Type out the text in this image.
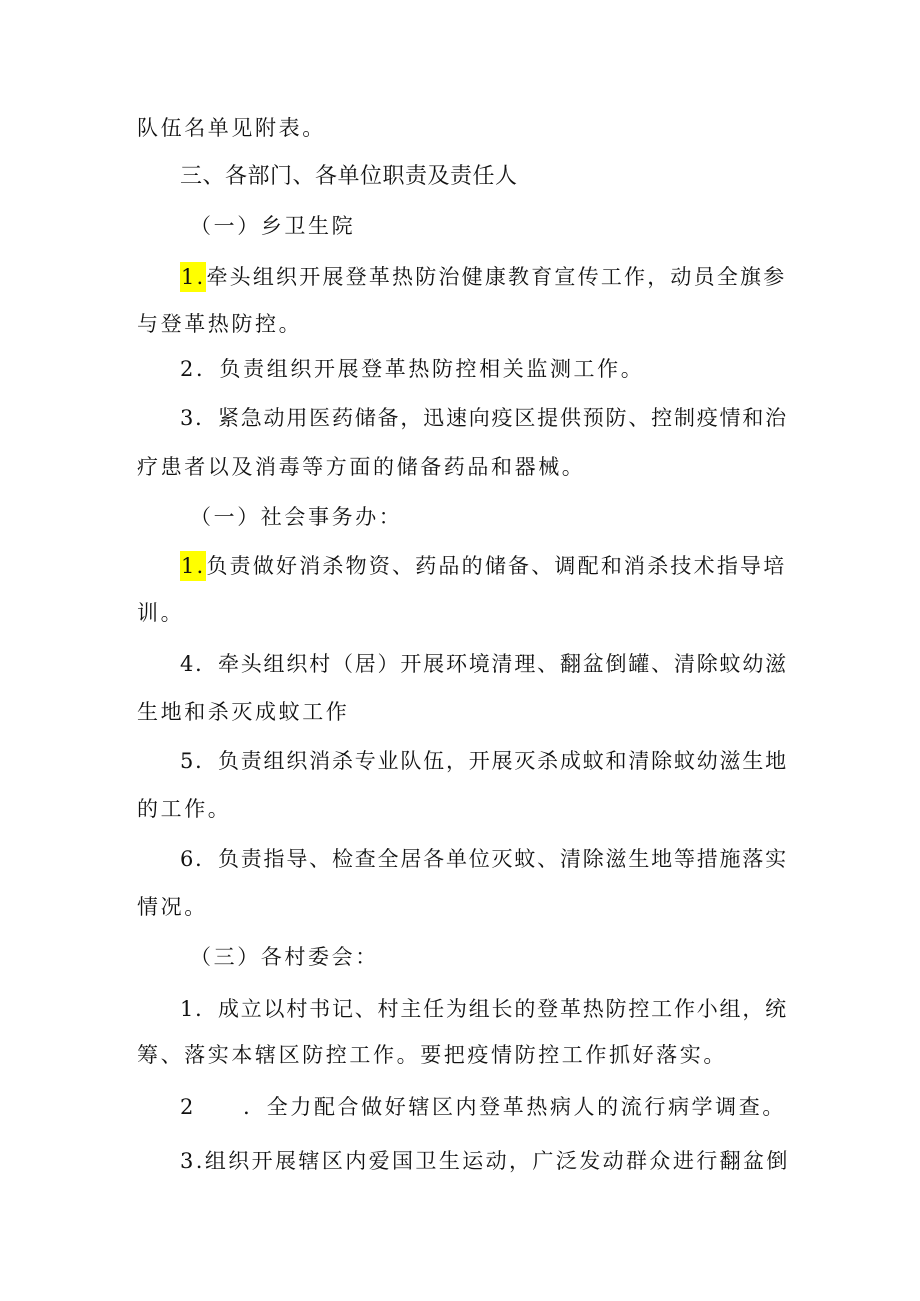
队伍名单见附表。
三、各部门、各单位职责及责任人
（一）乡卫生院
1.牵头组织开展登革热防治健康教育宣传工作，动员全旗参
与登革热防控。
2．负责组织开展登革热防控相关监测工作。
3．紧急动用医药储备，迅速向疫区提供预防、控制疫情和治
疗患者以及消毒等方面的储备药品和器械。
（一）社会事务办：
1.负责做好消杀物资、药品的储备、调配和消杀技术指导培
训。
4．牵头组织村（居）开展环境清理、翻盆倒罐、清除蚊幼滋
生地和杀灭成蚊工作
5．负责组织消杀专业队伍，开展灭杀成蚊和清除蚊幼滋生地
的工作。
6．负责指导、检查全居各单位灭蚊、清除滋生地等措施落实
情况。
（三）各村委会：
1．成立以村书记、村主任为组长的登革热防控工作小组，统
筹、落实本辖区防控工作。要把疫情防控工作抓好落实。
2　　．全力配合做好辖区内登革热病人的流行病学调查。
3.组织开展辖区内爱国卫生运动，广泛发动群众进行翻盆倒
